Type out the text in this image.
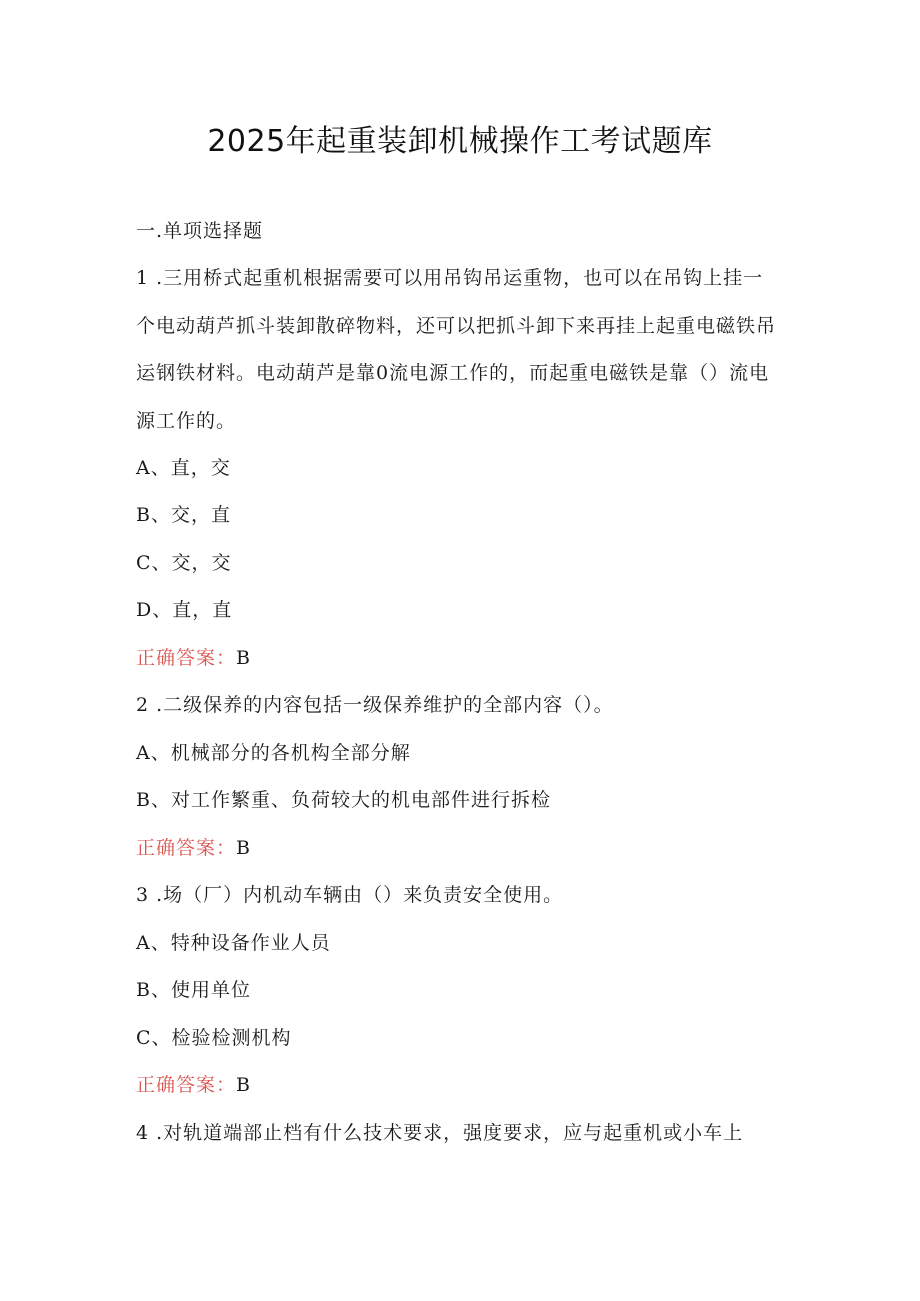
2025年起重装卸机械操作工考试题库
一.单项选择题
1 .三用桥式起重机根据需要可以用吊钩吊运重物，也可以在吊钩上挂一
个电动葫芦抓斗装卸散碎物料，还可以把抓斗卸下来再挂上起重电磁铁吊
运钢铁材料。电动葫芦是靠0流电源工作的，而起重电磁铁是靠（）流电
源工作的。
A、直，交
B、交，直
C、交，交
D、直，直
正确答案：B
2 .二级保养的内容包括一级保养维护的全部内容（）。
A、机械部分的各机构全部分解
B、对工作繁重、负荷较大的机电部件进行拆检
正确答案：B
3 .场（厂）内机动车辆由（）来负责安全使用。
A、特种设备作业人员
B、使用单位
C、检验检测机构
正确答案：B
4 .对轨道端部止档有什么技术要求，强度要求，应与起重机或小车上
